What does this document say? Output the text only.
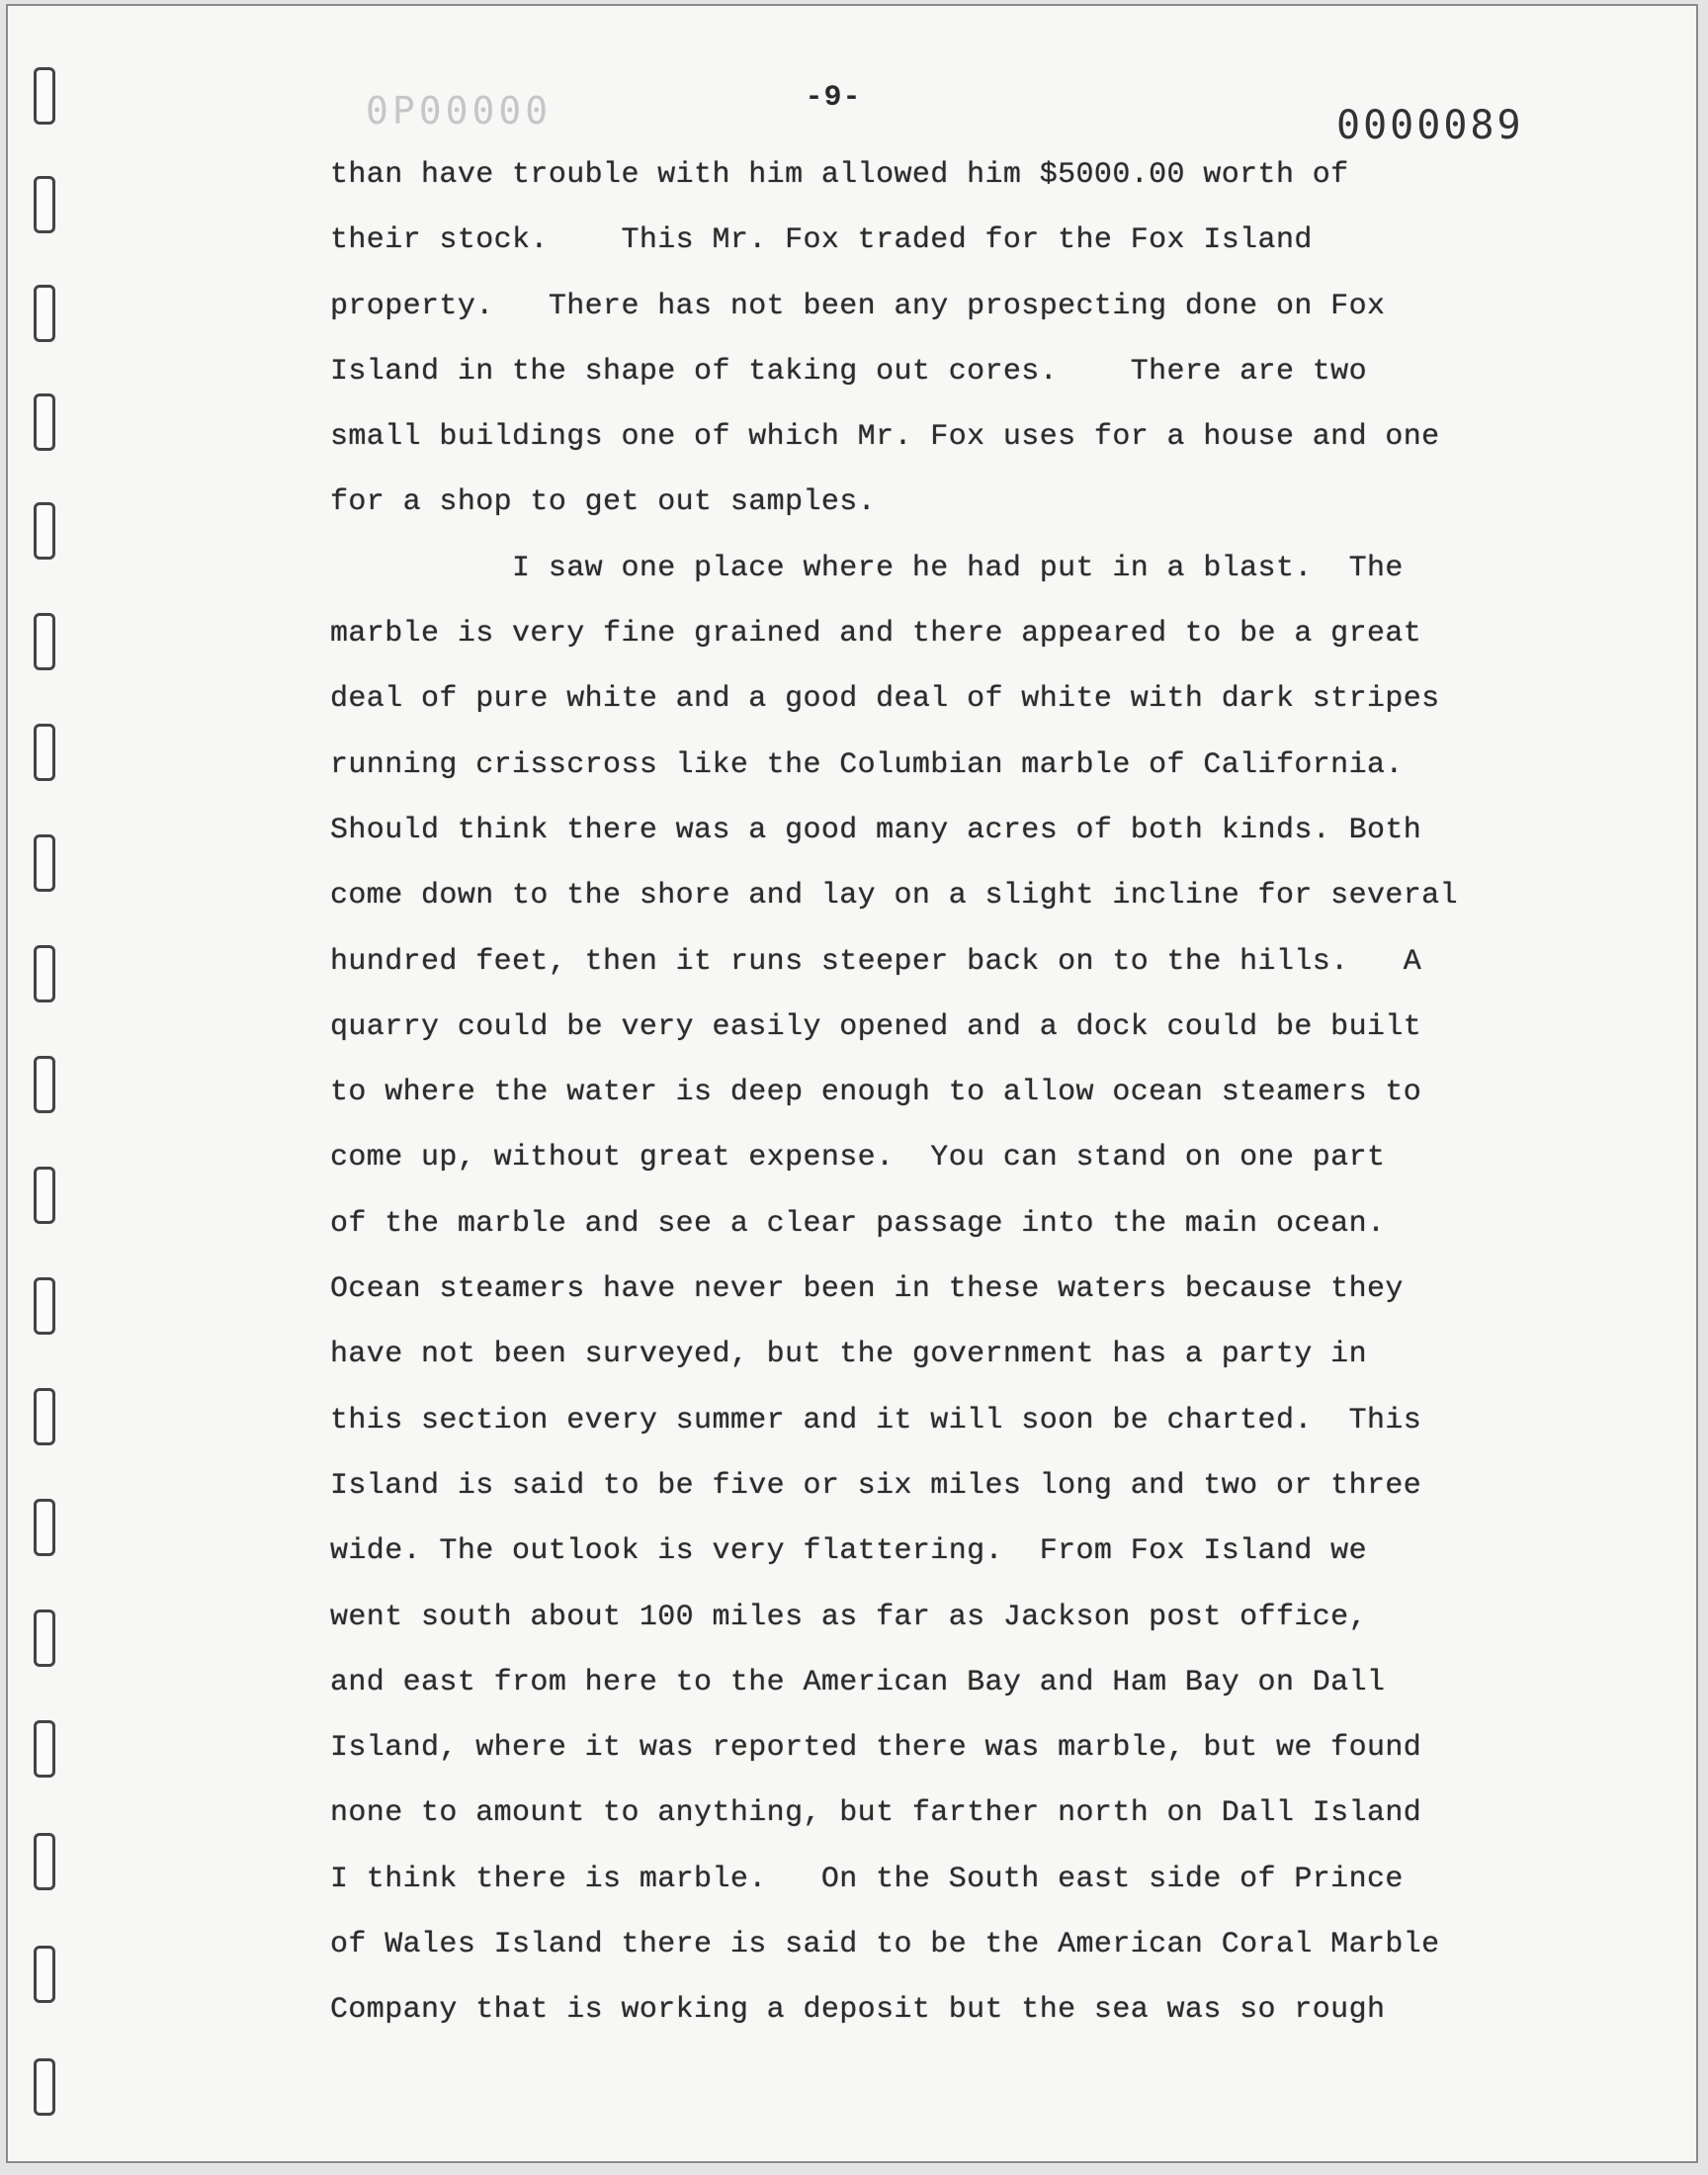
0P00000	-9-
0000089
than have trouble with him allowed him $5000.00 worth of
their stock.    This Mr. Fox traded for the Fox Island
property.   There has not been any prospecting done on Fox
Island in the shape of taking out cores.    There are two
small buildings one of which Mr. Fox uses for a house and one
for a shop to get out samples.
I saw one place where he had put in a blast.  The
marble is very fine grained and there appeared to be a great
deal of pure white and a good deal of white with dark stripes
running crisscross like the Columbian marble of California.
Should think there was a good many acres of both kinds. Both
come down to the shore and lay on a slight incline for several
hundred feet, then it runs steeper back on to the hills.   A
quarry could be very easily opened and a dock could be built
to where the water is deep enough to allow ocean steamers to
come up, without great expense.  You can stand on one part
of the marble and see a clear passage into the main ocean.
Ocean steamers have never been in these waters because they
have not been surveyed, but the government has a party in
this section every summer and it will soon be charted.  This
Island is said to be five or six miles long and two or three
wide. The outlook is very flattering.  From Fox Island we
went south about 100 miles as far as Jackson post office,
and east from here to the American Bay and Ham Bay on Dall
Island, where it was reported there was marble, but we found
none to amount to anything, but farther north on Dall Island
I think there is marble.   On the South east side of Prince
of Wales Island there is said to be the American Coral Marble
Company that is working a deposit but the sea was so rough
